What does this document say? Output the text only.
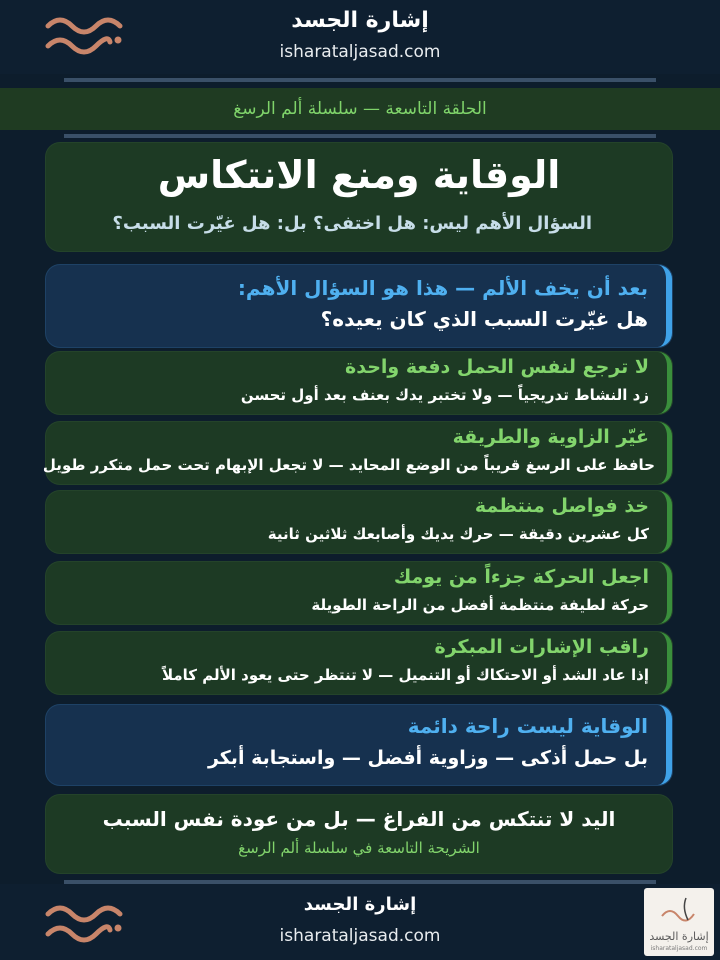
إشارة الجسد
isharataljasad.com
الحلقة التاسعة — سلسلة ألم الرسغ
الوقاية ومنع الانتكاس
السؤال الأهم ليس: هل اختفى؟ بل: هل غيّرت السبب؟
بعد أن يخف الألم — هذا هو السؤال الأهم:
هل غيّرت السبب الذي كان يعيده؟
لا ترجع لنفس الحمل دفعة واحدة
زد النشاط تدريجياً — ولا تختبر يدك بعنف بعد أول تحسن
غيّر الزاوية والطريقة
حافظ على الرسغ قريباً من الوضع المحايد — لا تجعل الإبهام تحت حمل متكرر طويل
خذ فواصل منتظمة
كل عشرين دقيقة — حرك يديك وأصابعك ثلاثين ثانية
اجعل الحركة جزءاً من يومك
حركة لطيفة منتظمة أفضل من الراحة الطويلة
راقب الإشارات المبكرة
إذا عاد الشد أو الاحتكاك أو التنميل — لا تنتظر حتى يعود الألم كاملاً
الوقاية ليست راحة دائمة
بل حمل أذكى — وزاوية أفضل — واستجابة أبكر
اليد لا تنتكس من الفراغ — بل من عودة نفس السبب
الشريحة التاسعة في سلسلة ألم الرسغ
إشارة الجسد
isharataljasad.com	إشارة الجسد
isharataljasad.com
